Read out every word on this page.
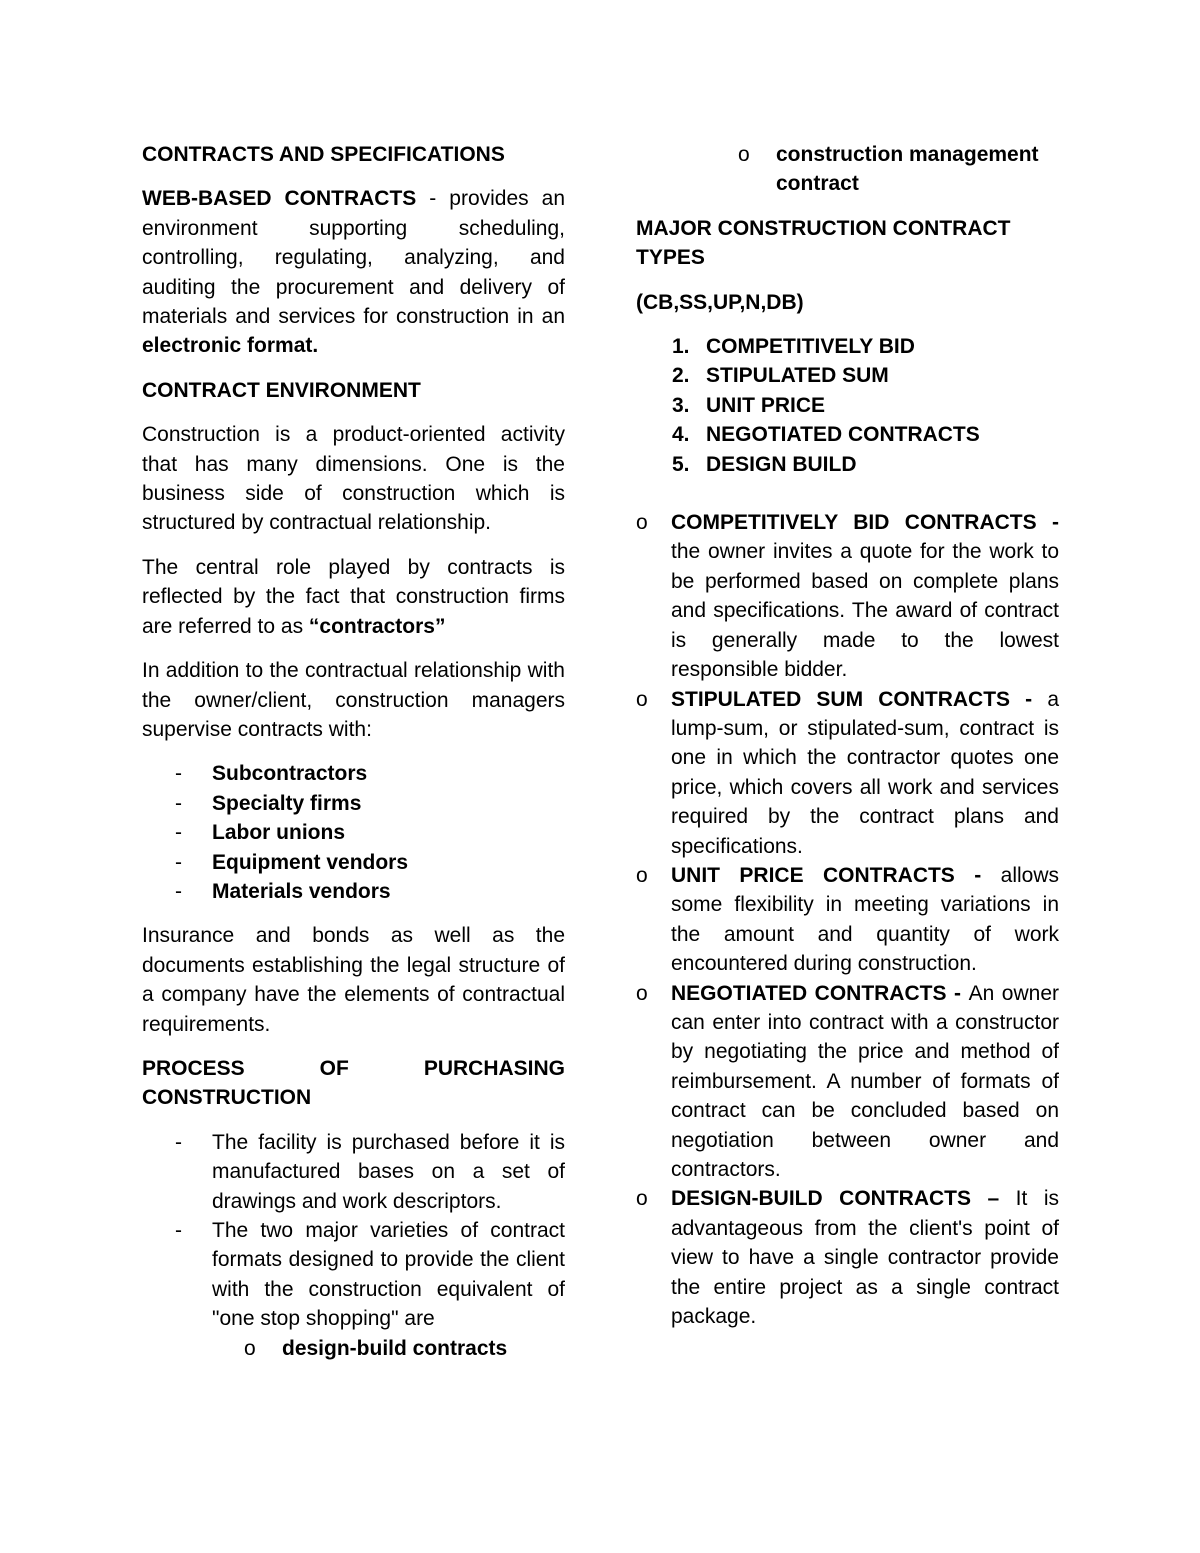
CONTRACTS AND SPECIFICATIONS

WEB-BASED CONTRACTS - provides an environment supporting scheduling, controlling, regulating, analyzing, and auditing the procurement and delivery of materials and services for construction in an electronic format.

CONTRACT ENVIRONMENT

Construction is a product-oriented activity that has many dimensions. One is the business side of construction which is structured by contractual relationship.

The central role played by contracts is reflected by the fact that construction firms are referred to as “contractors”

In addition to the contractual relationship with the owner/client, construction managers supervise contracts with:

- Subcontractors
- Specialty firms
- Labor unions
- Equipment vendors
- Materials vendors

Insurance and bonds as well as the documents establishing the legal structure of a company have the elements of contractual requirements.

PROCESS OF PURCHASING

CONSTRUCTION

- The facility is purchased before it is manufactured bases on a set of drawings and work descriptors.
- The two major varieties of contract formats designed to provide the client with the construction equivalent of "one stop shopping" are
o design-build contracts
o construction management contract

MAJOR CONSTRUCTION CONTRACT TYPES

(CB,SS,UP,N,DB)

1. COMPETITIVELY BID
2. STIPULATED SUM
3. UNIT PRICE
4. NEGOTIATED CONTRACTS
5. DESIGN BUILD
o COMPETITIVELY BID CONTRACTS - the owner invites a quote for the work to be performed based on complete plans and specifications. The award of contract is generally made to the lowest responsible bidder.
o STIPULATED SUM CONTRACTS - a lump-sum, or stipulated-sum, contract is one in which the contractor quotes one price, which covers all work and services required by the contract plans and specifications.
o UNIT PRICE CONTRACTS - allows some flexibility in meeting variations in the amount and quantity of work encountered during construction.
o NEGOTIATED CONTRACTS - An owner can enter into contract with a constructor by negotiating the price and method of reimbursement. A number of formats of contract can be concluded based on negotiation between owner and contractors.
o DESIGN-BUILD CONTRACTS – It is advantageous from the client's point of view to have a single contractor provide the entire project as a single contract package.
